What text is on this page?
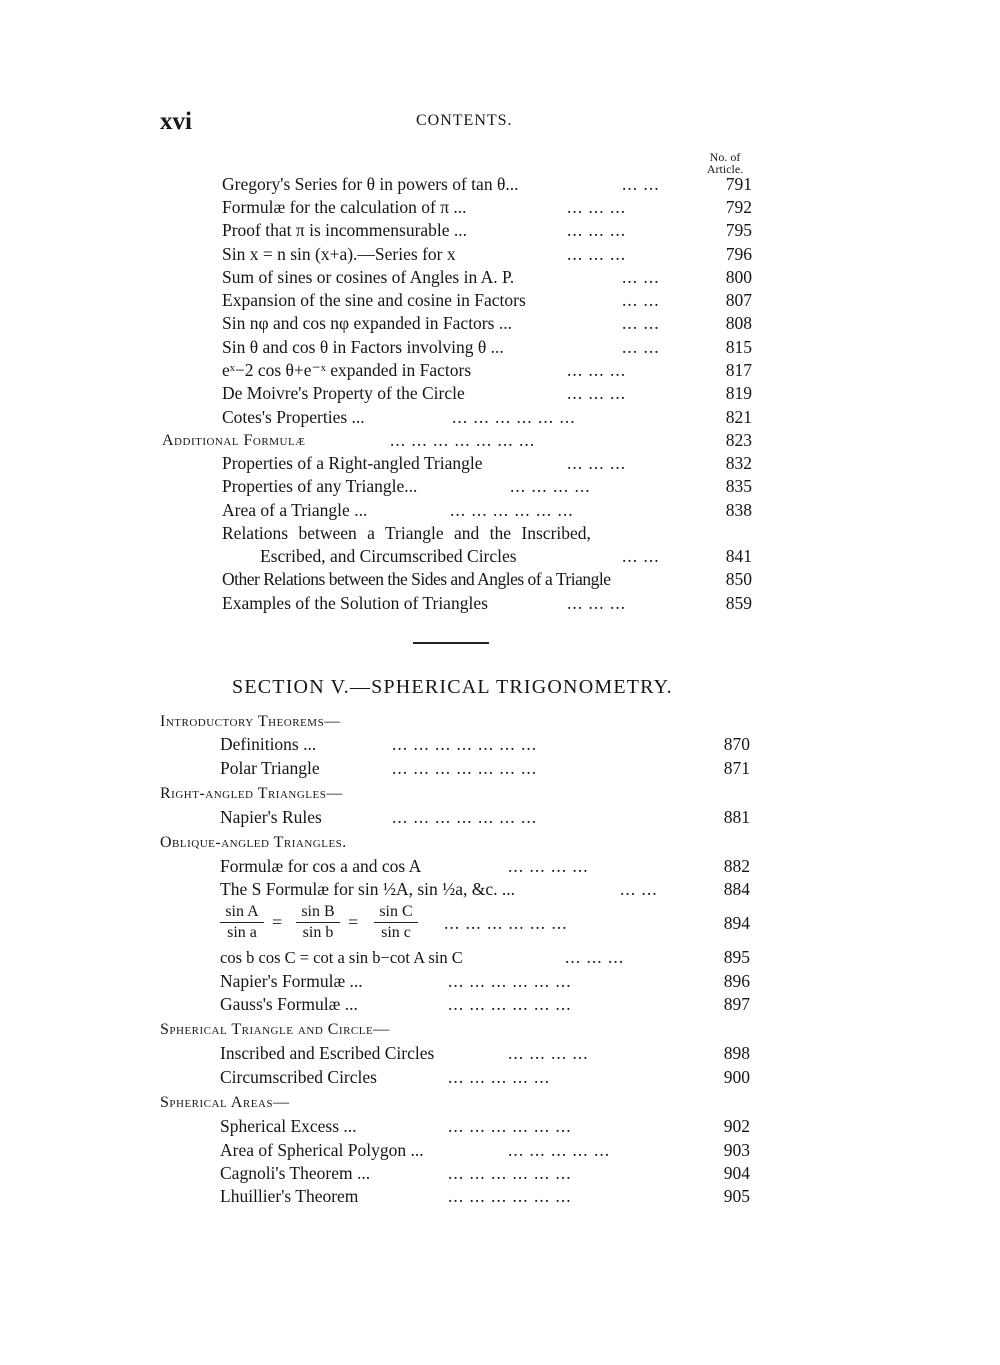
xvi	CONTENTS.
No. of
Article.
Gregory's Series for θ in powers of tan θ...	... ...	791
Formulæ for the calculation of π ...	... ... ...	792
Proof that π is incommensurable ...	... ... ...	795
Sin x = n sin (x+a).—Series for x	... ... ...	796
Sum of sines or cosines of Angles in A. P.	... ...	800
Expansion of the sine and cosine in Factors	... ...	807
Sin nφ and cos nφ expanded in Factors ...	... ...	808
Sin θ and cos θ in Factors involving θ ...	... ...	815
eˣ−2 cos θ+e⁻ˣ expanded in Factors	... ... ...	817
De Moivre's Property of the Circle	... ... ...	819
Cotes's Properties ...	... ... ... ... ... ...	821
Additional Formulæ	... ... ... ... ... ... ...	823
Properties of a Right-angled Triangle	... ... ...	832
Properties of any Triangle...	... ... ... ...	835
Area of a Triangle ...	... ... ... ... ... ...	838
Relations between a Triangle and the Inscribed,
Escribed, and Circumscribed Circles	... ...	841
Other Relations between the Sides and Angles of a Triangle	850
Examples of the Solution of Triangles	... ... ...	859
SECTION V.—SPHERICAL TRIGONOMETRY.
Introductory Theorems—
Definitions ...	... ... ... ... ... ... ...	870
Polar Triangle	... ... ... ... ... ... ...	871
Right-angled Triangles—
Napier's Rules	... ... ... ... ... ... ...	881
Oblique-angled Triangles.
Formulæ for cos a and cos A	... ... ... ...	882
The S Formulæ for sin ½A, sin ½a, &c. ...	... ...	884
$\frac{\text{sin A}}{\text{sin a}} = \frac{\text{sin B}}{\text{sin b}} = \frac{\text{sin C}}{\text{sin c}}$ ... ... ... ... ... ...	894
cos b cos C = cot a sin b−cot A sin C	... ... ...	895
Napier's Formulæ ...	... ... ... ... ... ...	896
Gauss's Formulæ ...	... ... ... ... ... ...	897
Spherical Triangle and Circle—
Inscribed and Escribed Circles	... ... ... ...	898
Circumscribed Circles	... ... ... ... ...	900
Spherical Areas—
Spherical Excess ...	... ... ... ... ... ...	902
Area of Spherical Polygon ...	... ... ... ... ...	903
Cagnoli's Theorem ...	... ... ... ... ... ...	904
Lhuillier's Theorem	... ... ... ... ... ...	905
